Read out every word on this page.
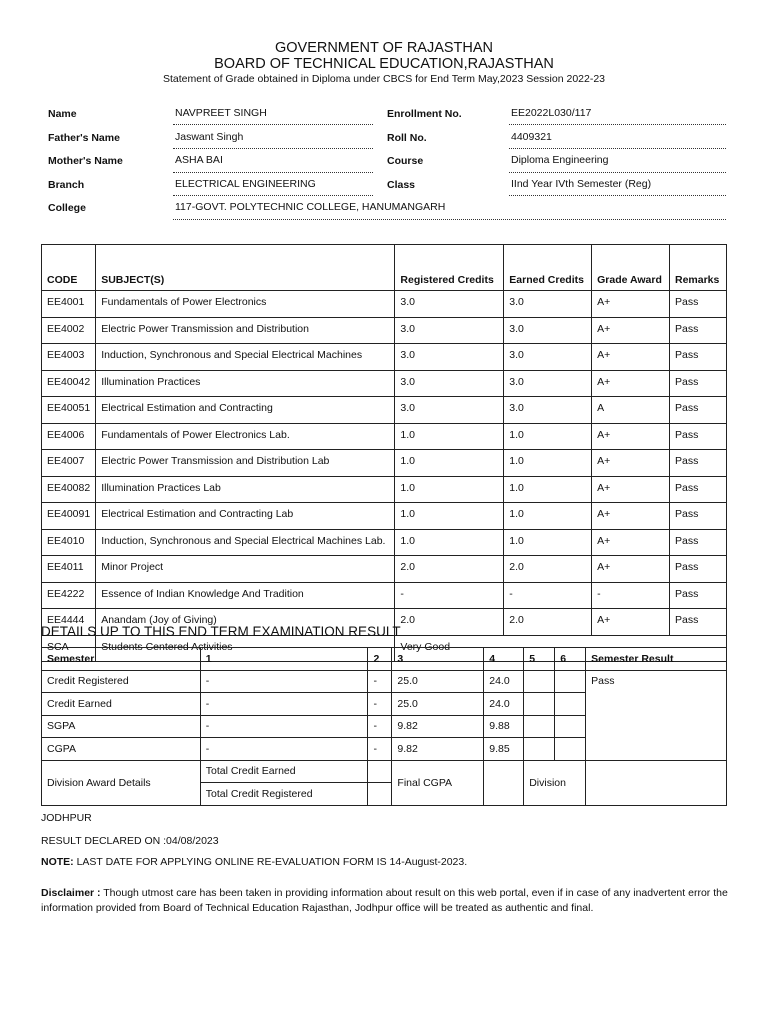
GOVERNMENT OF RAJASTHAN
BOARD OF TECHNICAL EDUCATION,RAJASTHAN
Statement of Grade obtained in Diploma under CBCS for End Term May,2023 Session 2022-23
Name	NAVPREET SINGH	Enrollment No.	EE2022L030/117
Father's Name	Jaswant Singh	Roll No.	4409321
Mother's Name	ASHA BAI	Course	Diploma Engineering
Branch	ELECTRICAL ENGINEERING	Class	IInd Year IVth Semester (Reg)
College	117-GOVT. POLYTECHNIC COLLEGE, HANUMANGARH
CODE	SUBJECT(S)	Registered Credits	Earned Credits	Grade Award	Remarks
EE4001	Fundamentals of Power Electronics	3.0	3.0	A+	Pass
EE4002	Electric Power Transmission and Distribution	3.0	3.0	A+	Pass
EE4003	Induction, Synchronous and Special Electrical Machines	3.0	3.0	A+	Pass
EE40042	Illumination Practices	3.0	3.0	A+	Pass
EE40051	Electrical Estimation and Contracting	3.0	3.0	A	Pass
EE4006	Fundamentals of Power Electronics Lab.	1.0	1.0	A+	Pass
EE4007	Electric Power Transmission and Distribution Lab	1.0	1.0	A+	Pass
EE40082	Illumination Practices Lab	1.0	1.0	A+	Pass
EE40091	Electrical Estimation and Contracting Lab	1.0	1.0	A+	Pass
EE4010	Induction, Synchronous and Special Electrical Machines Lab.	1.0	1.0	A+	Pass
EE4011	Minor Project	2.0	2.0	A+	Pass
EE4222	Essence of Indian Knowledge And Tradition	-	-	-	Pass
EE4444	Anandam (Joy of Giving)	2.0	2.0	A+	Pass
SCA	Students Centered Activities	Very Good			
DETAILS UP TO THIS END TERM EXAMINATION RESULT
Semester	1	2	3	4	5	6	Semester Result
Credit Registered	-	-	25.0	24.0			Pass
Credit Earned	-	-	25.0	24.0			
SGPA	-	-	9.82	9.88			
CGPA	-	-	9.82	9.85			
Division Award Details	Total Credit Earned		Final CGPA		Division		
	Total Credit Registered						
JODHPUR
RESULT DECLARED ON :04/08/2023
NOTE: LAST DATE FOR APPLYING ONLINE RE-EVALUATION FORM IS 14-August-2023.
Disclaimer : Though utmost care has been taken in providing information about result on this web portal, even if in case of any inadvertent error the information provided from Board of Technical Education Rajasthan, Jodhpur office will be treated as authentic and final.
